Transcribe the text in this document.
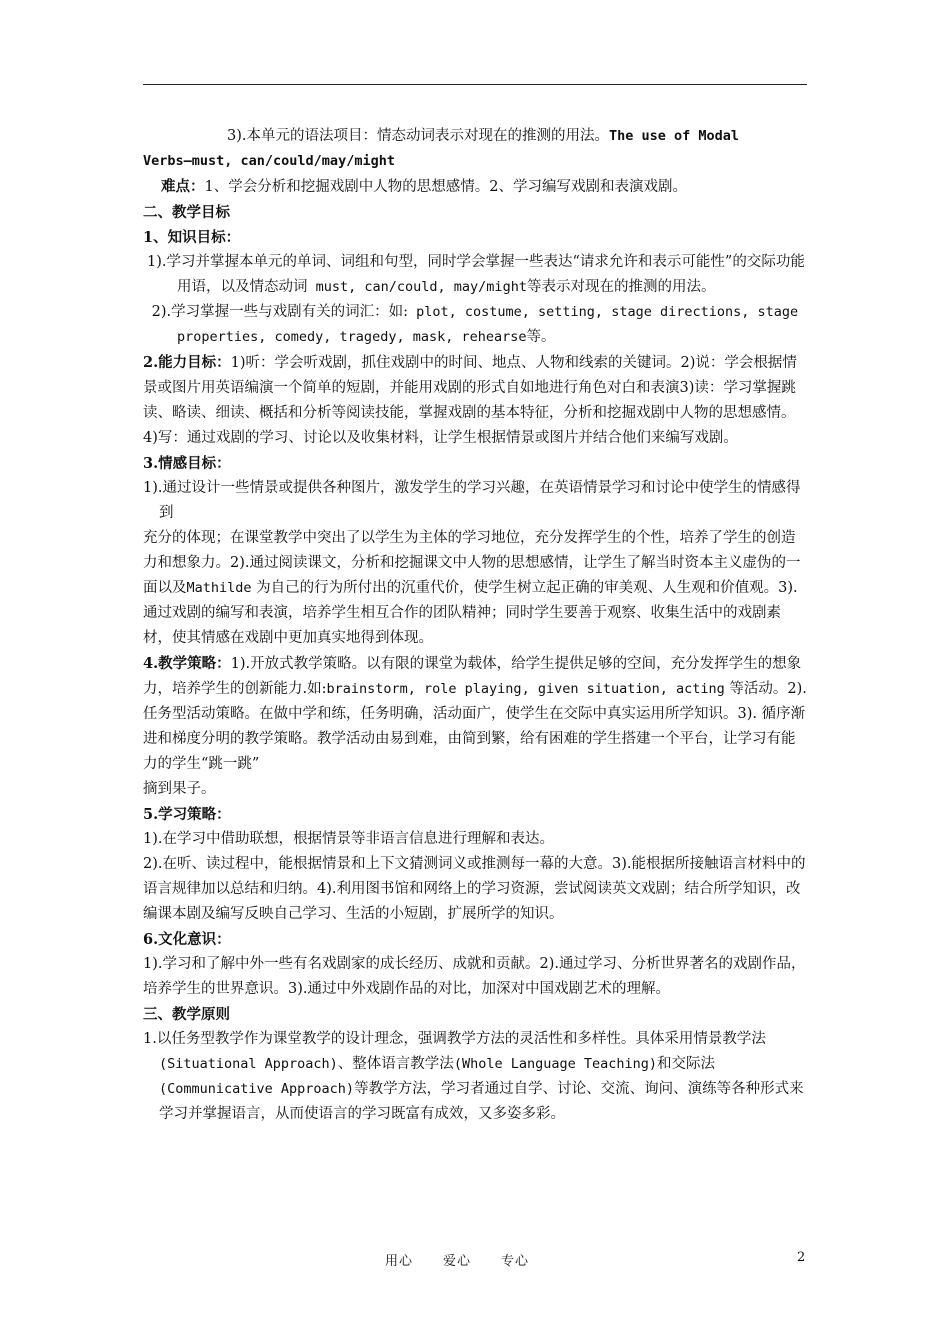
3).本单元的语法项目：情态动词表示对现在的推测的用法。The use of Modal

Verbs—must, can/could/may/might

难点：1、学会分析和挖掘戏剧中人物的思想感情。2、学习编写戏剧和表演戏剧。

二、教学目标

1、知识目标：

1).学习并掌握本单元的单词、词组和句型，同时学会掌握一些表达“请求允许和表示可能性”的交际功能用语，以及情态动词 must, can/could, may/might等表示对现在的推测的用法。

2).学习掌握一些与戏剧有关的词汇：如: plot, costume, setting, stage directions, stage properties, comedy, tragedy, mask, rehearse等。

2.能力目标：1)听：学会听戏剧，抓住戏剧中的时间、地点、人物和线索的关键词。2)说：学会根据情景或图片用英语编演一个简单的短剧，并能用戏剧的形式自如地进行角色对白和表演3)读：学习掌握跳读、略读、细读、概括和分析等阅读技能，掌握戏剧的基本特征，分析和挖掘戏剧中人物的思想感情。4)写：通过戏剧的学习、讨论以及收集材料，让学生根据情景或图片并结合他们来编写戏剧。

3.情感目标：

1).通过设计一些情景或提供各种图片，激发学生的学习兴趣，在英语情景学习和讨论中使学生的情感得到

充分的体现；在课堂教学中突出了以学生为主体的学习地位，充分发挥学生的个性，培养了学生的创造力和想象力。2).通过阅读课文，分析和挖掘课文中人物的思想感情，让学生了解当时资本主义虚伪的一面以及Mathilde 为自己的行为所付出的沉重代价，使学生树立起正确的审美观、人生观和价值观。3).通过戏剧的编写和表演，培养学生相互合作的团队精神；同时学生要善于观察、收集生活中的戏剧素材，使其情感在戏剧中更加真实地得到体现。

4.教学策略：1).开放式教学策略。以有限的课堂为载体，给学生提供足够的空间，充分发挥学生的想象力，培养学生的创新能力.如:brainstorm, role playing, given situation, acting 等活动。2).任务型活动策略。在做中学和练，任务明确，活动面广，使学生在交际中真实运用所学知识。3). 循序渐进和梯度分明的教学策略。教学活动由易到难，由简到繁，给有困难的学生搭建一个平台，让学习有能力的学生“跳一跳”

摘到果子。

5.学习策略：

1).在学习中借助联想，根据情景等非语言信息进行理解和表达。

2).在听、读过程中，能根据情景和上下文猜测词义或推测每一幕的大意。3).能根据所接触语言材料中的语言规律加以总结和归纳。4).利用图书馆和网络上的学习资源，尝试阅读英文戏剧；结合所学知识，改编课本剧及编写反映自己学习、生活的小短剧，扩展所学的知识。

6.文化意识：

1).学习和了解中外一些有名戏剧家的成长经历、成就和贡献。2).通过学习、分析世界著名的戏剧作品，培养学生的世界意识。3).通过中外戏剧作品的对比，加深对中国戏剧艺术的理解。

三、教学原则

1.以任务型教学作为课堂教学的设计理念，强调教学方法的灵活性和多样性。具体采用情景教学法(Situational Approach)、整体语言教学法(Whole Language Teaching)和交际法(Communicative Approach)等教学方法，学习者通过自学、讨论、交流、询问、演练等各种形式来学习并掌握语言，从而使语言的学习既富有成效，又多姿多彩。

用心 爱心 专心	2
